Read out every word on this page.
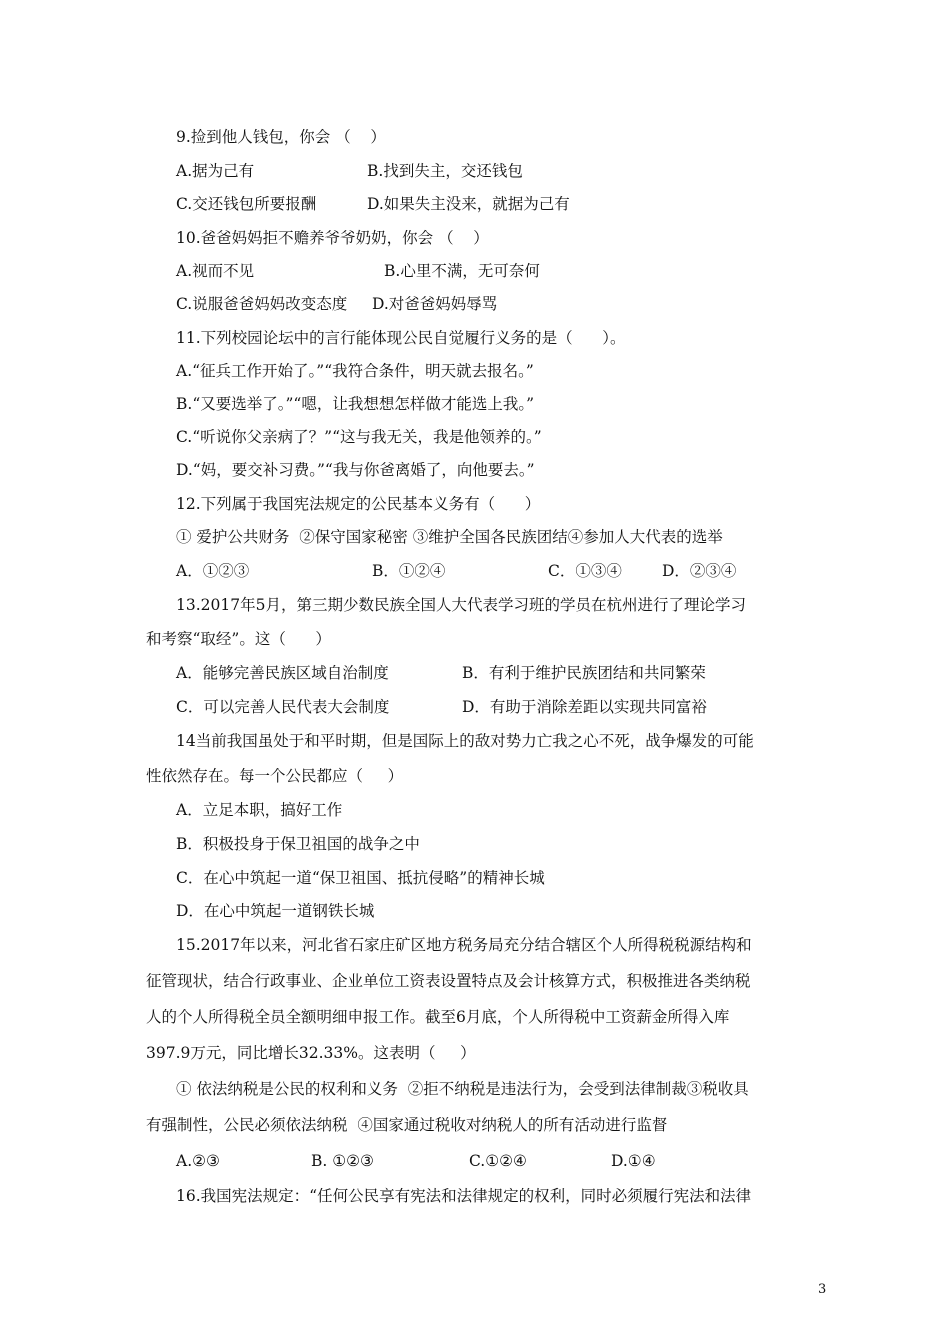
9.捡到他人钱包，你会 （    ）
A.据为己有	B.找到失主，交还钱包
C.交还钱包所要报酬	D.如果失主没来，就据为己有
10.爸爸妈妈拒不赡养爷爷奶奶，你会 （    ）
A.视而不见	B.心里不满，无可奈何
C.说服爸爸妈妈改变态度 D.对爸爸妈妈辱骂
11.下列校园论坛中的言行能体现公民自觉履行义务的是（      ）。
A.“征兵工作开始了。”“我符合条件，明天就去报名。”
B.“又要选举了。”“嗯，让我想想怎样做才能选上我。”
C.“听说你父亲病了？”“这与我无关，我是他领养的。”
D.“妈，要交补习费。”“我与你爸离婚了，向他要去。”
12.下列属于我国宪法规定的公民基本义务有（      ）
① 爱护公共财务  ②保守国家秘密 ③维护全国各民族团结④参加人大代表的选举
A．①②③	B．①②④	C．①③④	D．②③④
13.2017年5月，第三期少数民族全国人大代表学习班的学员在杭州进行了理论学习
和考察“取经”。这（      ）
A．能够完善民族区域自治制度	B．有利于维护民族团结和共同繁荣
C．可以完善人民代表大会制度	D．有助于消除差距以实现共同富裕
14当前我国虽处于和平时期，但是国际上的敌对势力亡我之心不死，战争爆发的可能
性依然存在。每一个公民都应（     ）
A．立足本职，搞好工作
B．积极投身于保卫祖国的战争之中
C．在心中筑起一道“保卫祖国、抵抗侵略”的精神长城
D．在心中筑起一道钢铁长城
15.2017年以来，河北省石家庄矿区地方税务局充分结合辖区个人所得税税源结构和
征管现状，结合行政事业、企业单位工资表设置特点及会计核算方式，积极推进各类纳税
人的个人所得税全员全额明细申报工作。截至6月底，个人所得税中工资薪金所得入库
397.9万元，同比增长32.33%。这表明（     ）
① 依法纳税是公民的权利和义务  ②拒不纳税是违法行为，会受到法律制裁③税收具
有强制性，公民必须依法纳税  ④国家通过税收对纳税人的所有活动进行监督
A.②③	B. ①②③	C.①②④	D.①④
16.我国宪法规定：“任何公民享有宪法和法律规定的权利，同时必须履行宪法和法律
3
